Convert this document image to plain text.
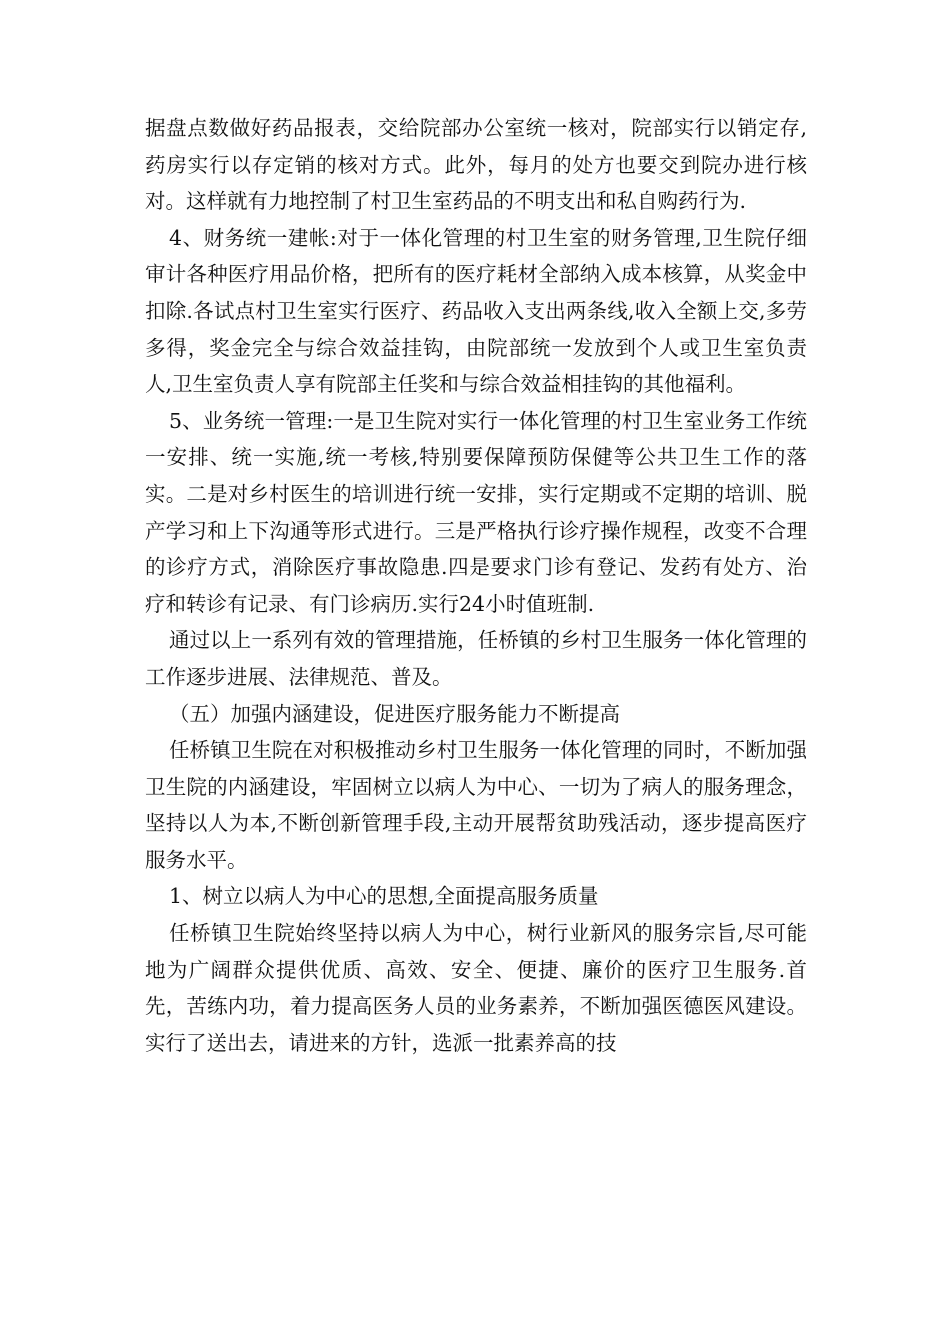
据盘点数做好药品报表，交给院部办公室统一核对，院部实行以销定存,药房实行以存定销的核对方式。此外，每月的处方也要交到院办进行核对。这样就有力地控制了村卫生室药品的不明支出和私自购药行为.

4、财务统一建帐:对于一体化管理的村卫生室的财务管理,卫生院仔细审计各种医疗用品价格，把所有的医疗耗材全部纳入成本核算，从奖金中扣除.各试点村卫生室实行医疗、药品收入支出两条线,收入全额上交,多劳多得，奖金完全与综合效益挂钩，由院部统一发放到个人或卫生室负责人,卫生室负责人享有院部主任奖和与综合效益相挂钩的其他福利。

5、业务统一管理:一是卫生院对实行一体化管理的村卫生室业务工作统一安排、统一实施,统一考核,特别要保障预防保健等公共卫生工作的落实。二是对乡村医生的培训进行统一安排，实行定期或不定期的培训、脱产学习和上下沟通等形式进行。三是严格执行诊疗操作规程，改变不合理的诊疗方式，消除医疗事故隐患.四是要求门诊有登记、发药有处方、治疗和转诊有记录、有门诊病历.实行24小时值班制.

通过以上一系列有效的管理措施，任桥镇的乡村卫生服务一体化管理的工作逐步进展、法律规范、普及。

（五）加强内涵建设，促进医疗服务能力不断提高

任桥镇卫生院在对积极推动乡村卫生服务一体化管理的同时，不断加强卫生院的内涵建设，牢固树立以病人为中心、一切为了病人的服务理念，坚持以人为本,不断创新管理手段,主动开展帮贫助残活动，逐步提高医疗服务水平。

1、树立以病人为中心的思想,全面提高服务质量

任桥镇卫生院始终坚持以病人为中心，树行业新风的服务宗旨,尽可能地为广阔群众提供优质、高效、安全、便捷、廉价的医疗卫生服务.首先，苦练内功，着力提高医务人员的业务素养，不断加强医德医风建设。实行了送出去，请进来的方针，选派一批素养高的技
